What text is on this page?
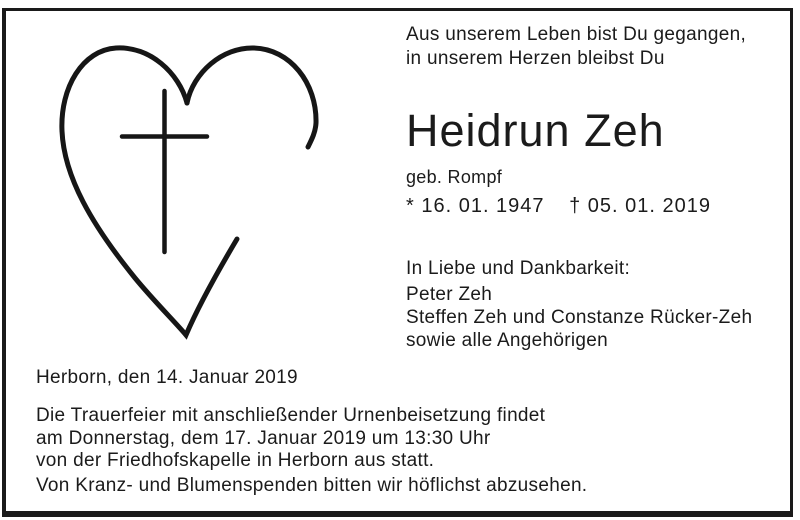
Aus unserem Leben bist Du gegangen,
in unserem Herzen bleibst Du
Heidrun Zeh
geb. Rompf
* 16. 01. 1947 † 05. 01. 2019
In Liebe und Dankbarkeit:
Peter Zeh
Steffen Zeh und Constanze Rücker-Zeh
sowie alle Angehörigen
Herborn, den 14. Januar 2019
Die Trauerfeier mit anschließender Urnenbeisetzung findet
am Donnerstag, dem 17. Januar 2019 um 13:30 Uhr
von der Friedhofskapelle in Herborn aus statt.
Von Kranz- und Blumenspenden bitten wir höflichst abzusehen.
